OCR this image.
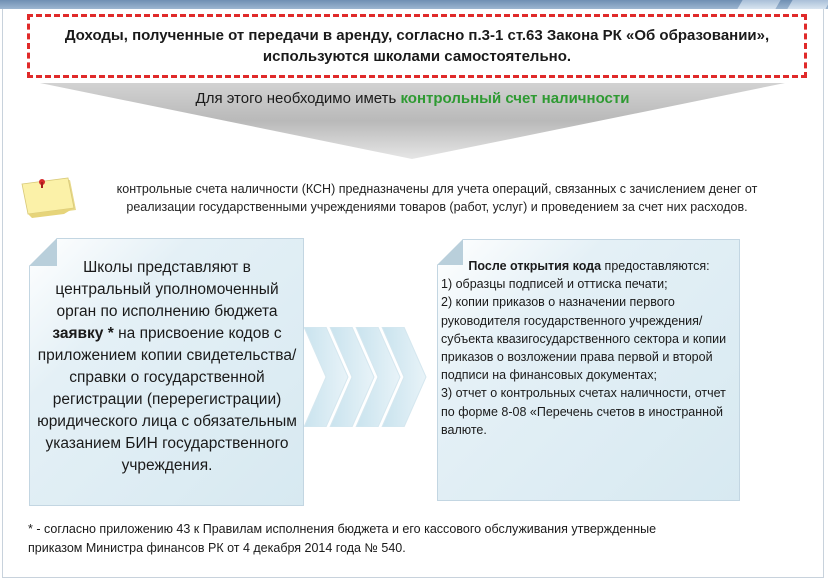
Доходы, полученные от передачи в аренду, согласно п.3-1 ст.63 Закона РК «Об образовании»,
используются школами самостоятельно.
Для этого необходимо иметь контрольный счет наличности
контрольные счета наличности (КСН) предназначены для учета операций, связанных с зачислением денег от
реализации государственными учреждениями товаров (работ, услуг) и проведением за счет них расходов.
Школы представляют в центральный уполномоченный орган по исполнению бюджета заявку * на присвоение кодов с приложением копии свидетельства/справки о государственной регистрации (перерегистрации) юридического лица с обязательным указанием БИН государственного учреждения.
После открытия кода предоставляются:
1) образцы подписей и оттиска печати;
2) копии приказов о назначении первого руководителя государственного учреждения/субъекта квазигосударственного сектора и копии приказов о возложении права первой и второй подписи на финансовых документах;
3) отчет о контрольных счетах наличности, отчет по форме 8-08 «Перечень счетов в иностранной валюте.
* - согласно приложению 43 к Правилам исполнения бюджета и его кассового обслуживания утвержденные
приказом Министра финансов РК от 4 декабря 2014 года № 540.
